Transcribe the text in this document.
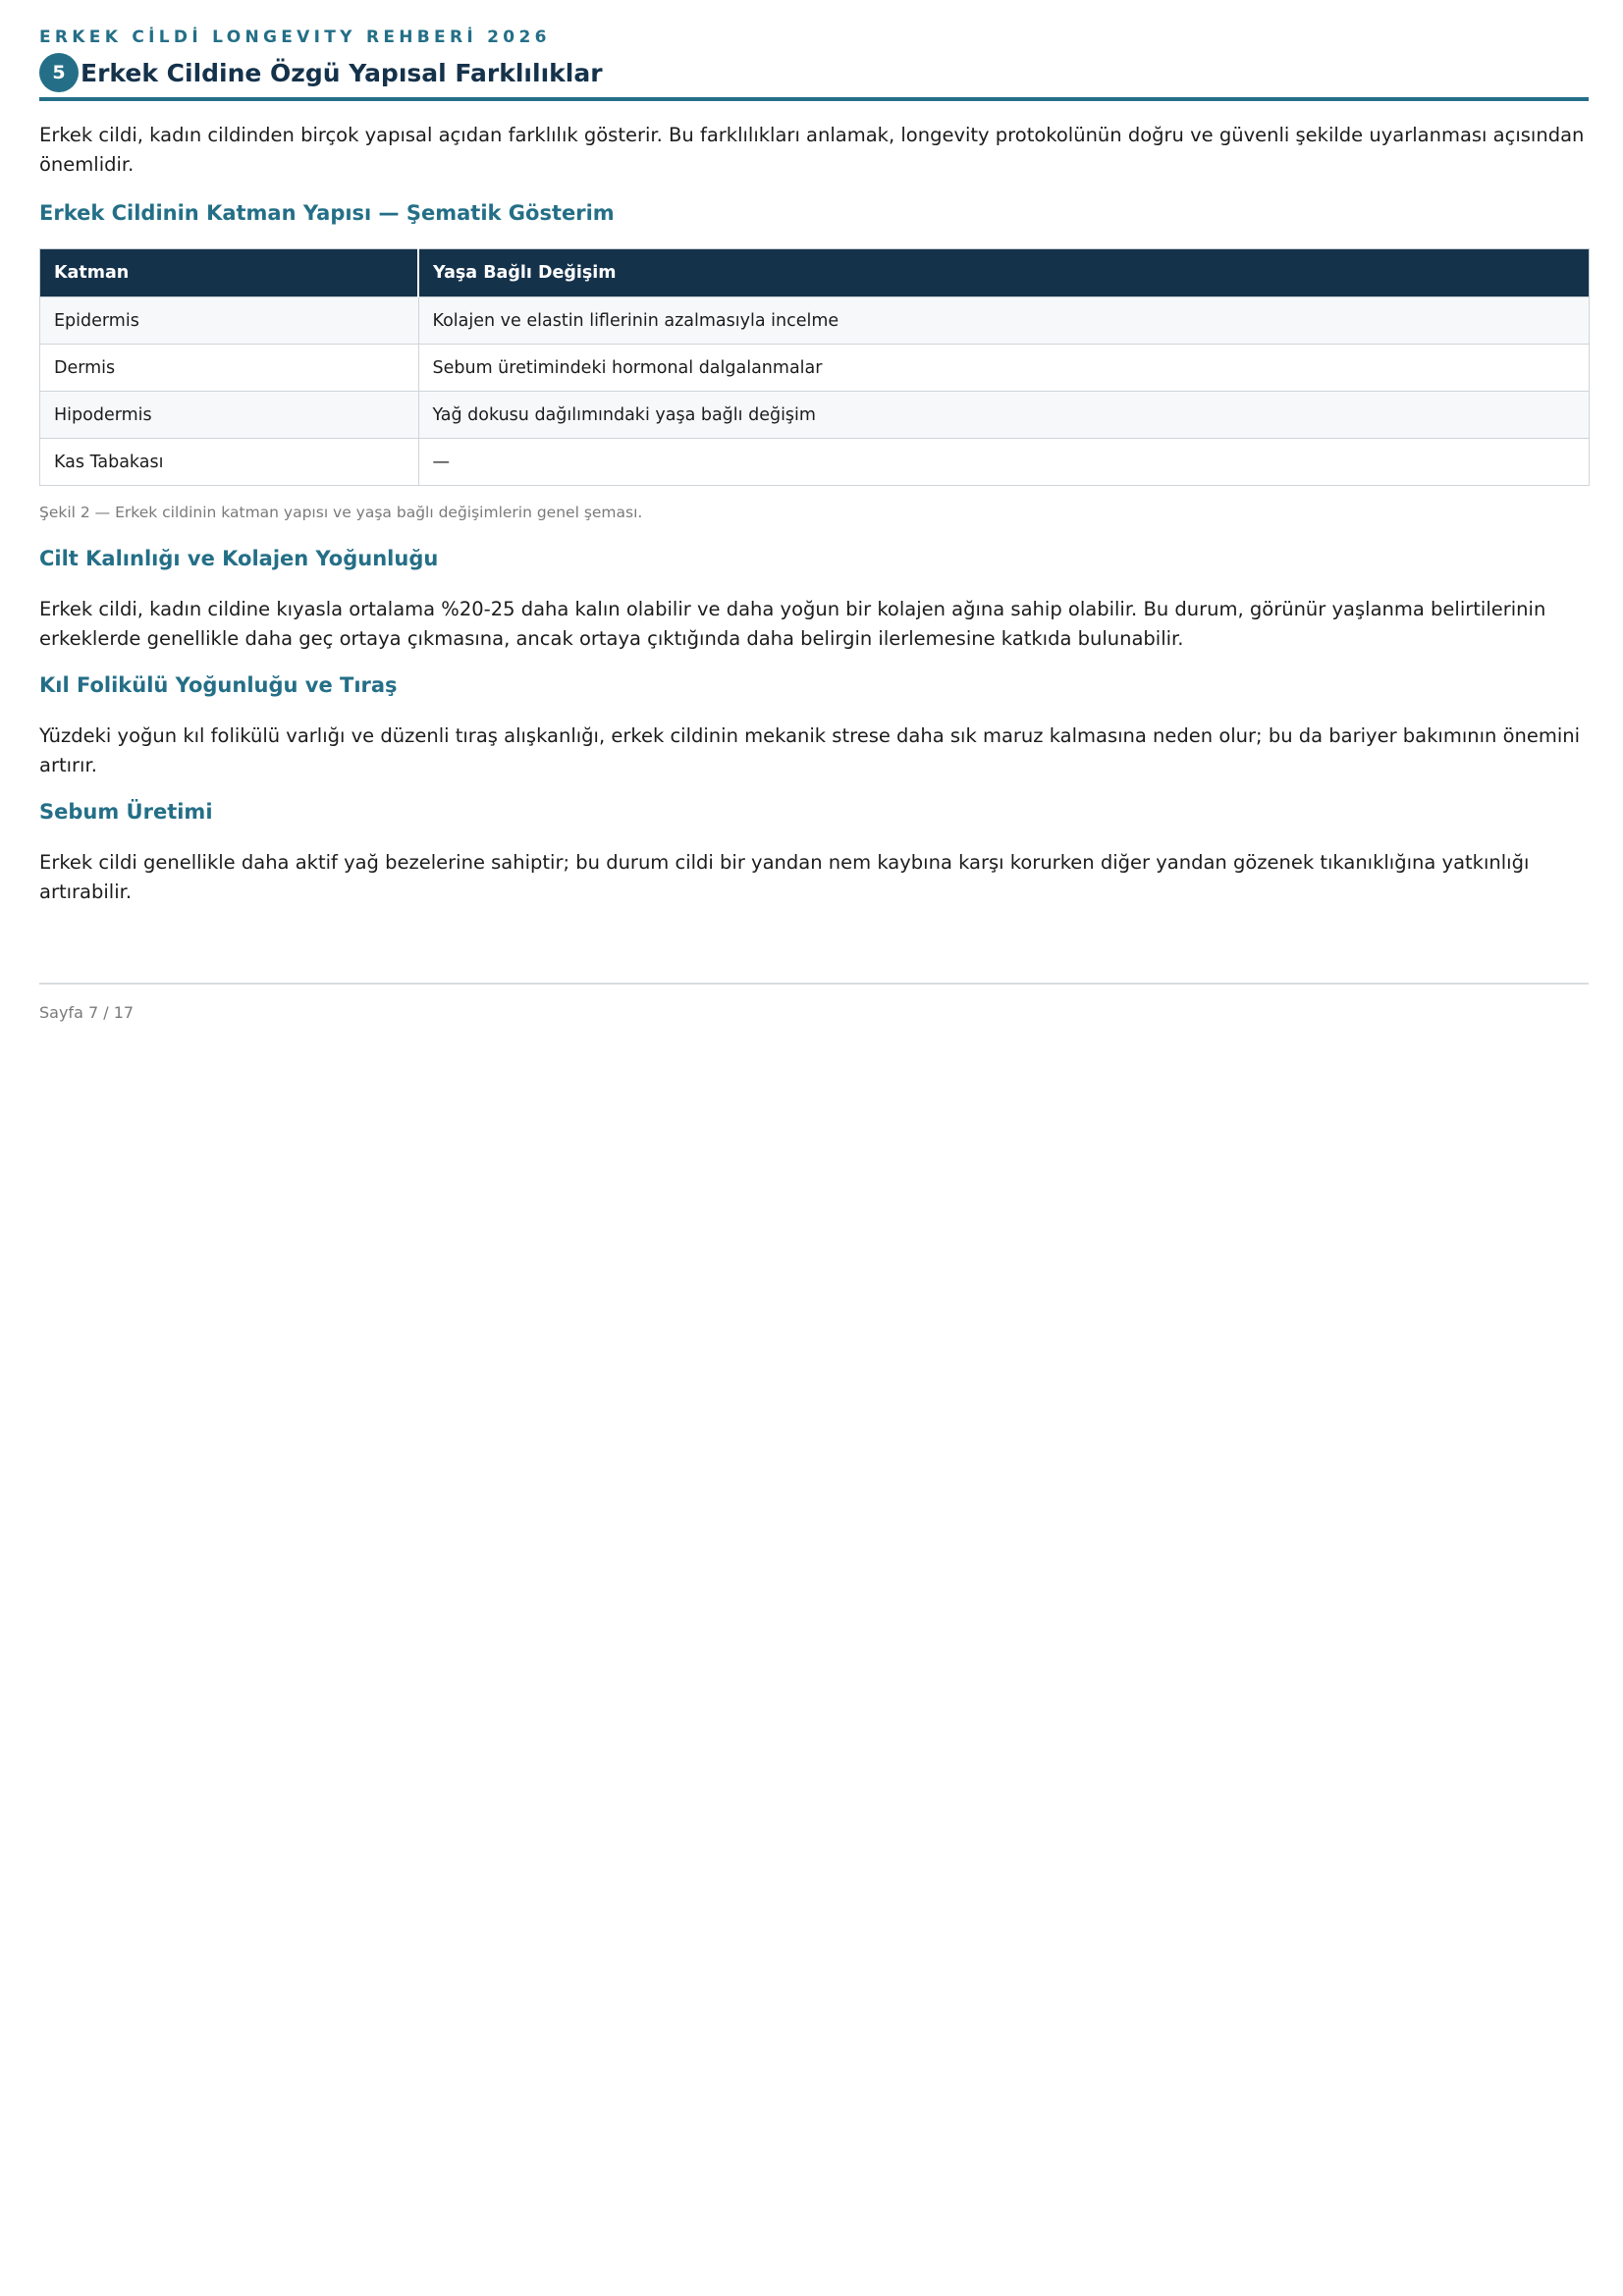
ERKEK CİLDİ LONGEVITY REHBERİ 2026
5 Erkek Cildine Özgü Yapısal Farklılıklar

Erkek cildi, kadın cildinden birçok yapısal açıdan farklılık gösterir. Bu farklılıkları anlamak, longevity protokolünün doğru ve güvenli şekilde uyarlanması açısından önemlidir.

Erkek Cildinin Katman Yapısı — Şematik Gösterim
Katman	Yaşa Bağlı Değişim
Epidermis	Kolajen ve elastin liflerinin azalmasıyla incelme
Dermis	Sebum üretimindeki hormonal dalgalanmalar
Hipodermis	Yağ dokusu dağılımındaki yaşa bağlı değişim
Kas Tabakası	—
Şekil 2 — Erkek cildinin katman yapısı ve yaşa bağlı değişimlerin genel şeması.
Cilt Kalınlığı ve Kolajen Yoğunluğu

Erkek cildi, kadın cildine kıyasla ortalama %20-25 daha kalın olabilir ve daha yoğun bir kolajen ağına sahip olabilir. Bu durum, görünür yaşlanma belirtilerinin erkeklerde genellikle daha geç ortaya çıkmasına, ancak ortaya çıktığında daha belirgin ilerlemesine katkıda bulunabilir.

Kıl Folikülü Yoğunluğu ve Tıraş

Yüzdeki yoğun kıl folikülü varlığı ve düzenli tıraş alışkanlığı, erkek cildinin mekanik strese daha sık maruz kalmasına neden olur; bu da bariyer bakımının önemini artırır.

Sebum Üretimi

Erkek cildi genellikle daha aktif yağ bezelerine sahiptir; bu durum cildi bir yandan nem kaybına karşı korurken diğer yandan gözenek tıkanıklığına yatkınlığı artırabilir.

Sayfa 7 / 17
